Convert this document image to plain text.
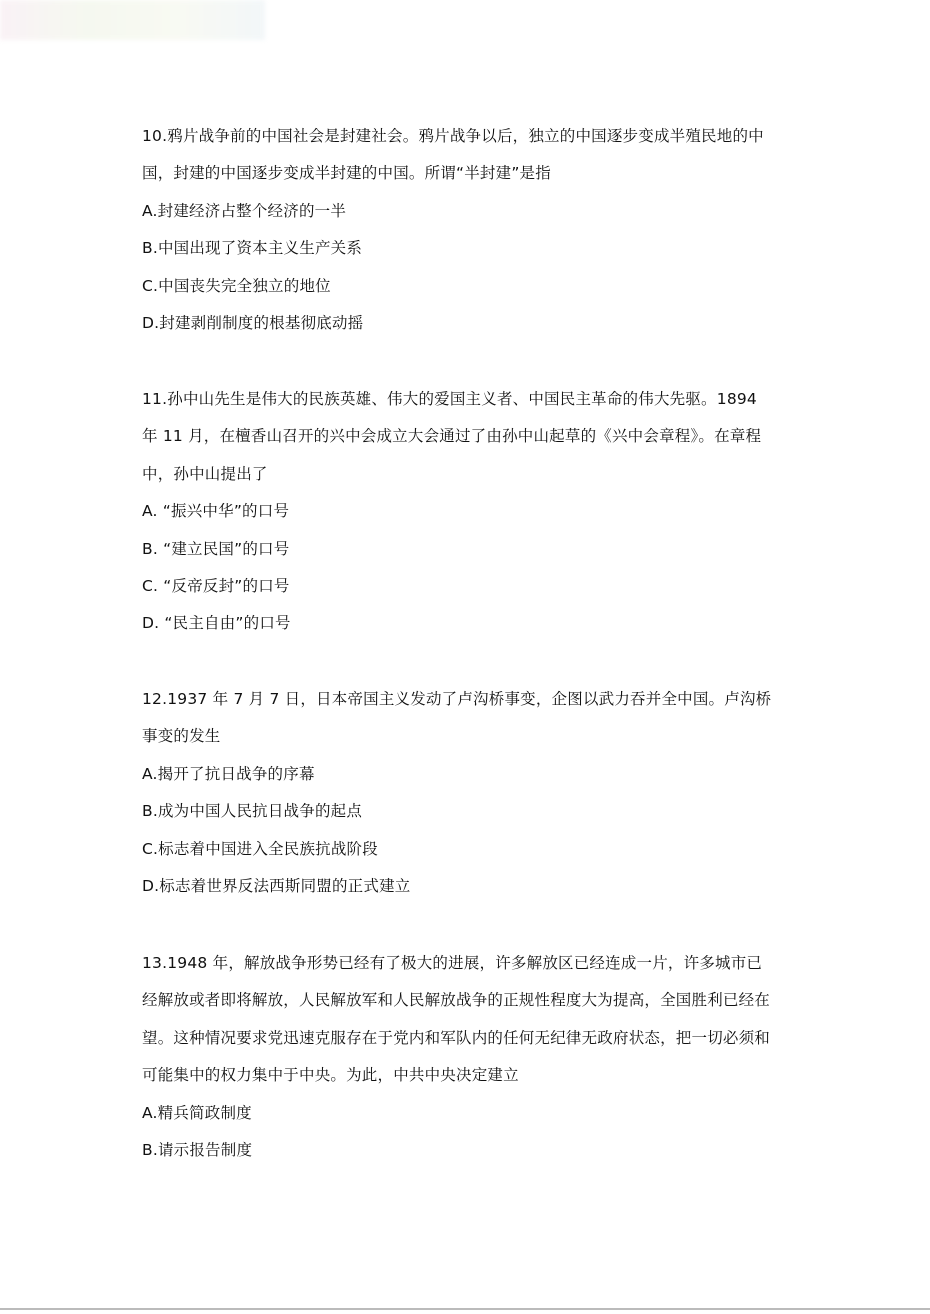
10.鸦片战争前的中国社会是封建社会。鸦片战争以后，独立的中国逐步变成半殖民地的中
国，封建的中国逐步变成半封建的中国。所谓“半封建”是指
A.封建经济占整个经济的一半
B.中国出现了资本主义生产关系
C.中国丧失完全独立的地位
D.封建剥削制度的根基彻底动摇
11.孙中山先生是伟大的民族英雄、伟大的爱国主义者、中国民主革命的伟大先驱。1894
年 11 月，在檀香山召开的兴中会成立大会通过了由孙中山起草的《兴中会章程》。在章程
中，孙中山提出了
A. “振兴中华”的口号
B. “建立民国”的口号
C. “反帝反封”的口号
D. “民主自由”的口号
12.1937 年 7 月 7 日，日本帝国主义发动了卢沟桥事变，企图以武力吞并全中国。卢沟桥
事变的发生
A.揭开了抗日战争的序幕
B.成为中国人民抗日战争的起点
C.标志着中国进入全民族抗战阶段
D.标志着世界反法西斯同盟的正式建立
13.1948 年，解放战争形势已经有了极大的进展，许多解放区已经连成一片，许多城市已
经解放或者即将解放，人民解放军和人民解放战争的正规性程度大为提高，全国胜利已经在
望。这种情况要求党迅速克服存在于党内和军队内的任何无纪律无政府状态，把一切必须和
可能集中的权力集中于中央。为此，中共中央决定建立
A.精兵简政制度
B.请示报告制度
